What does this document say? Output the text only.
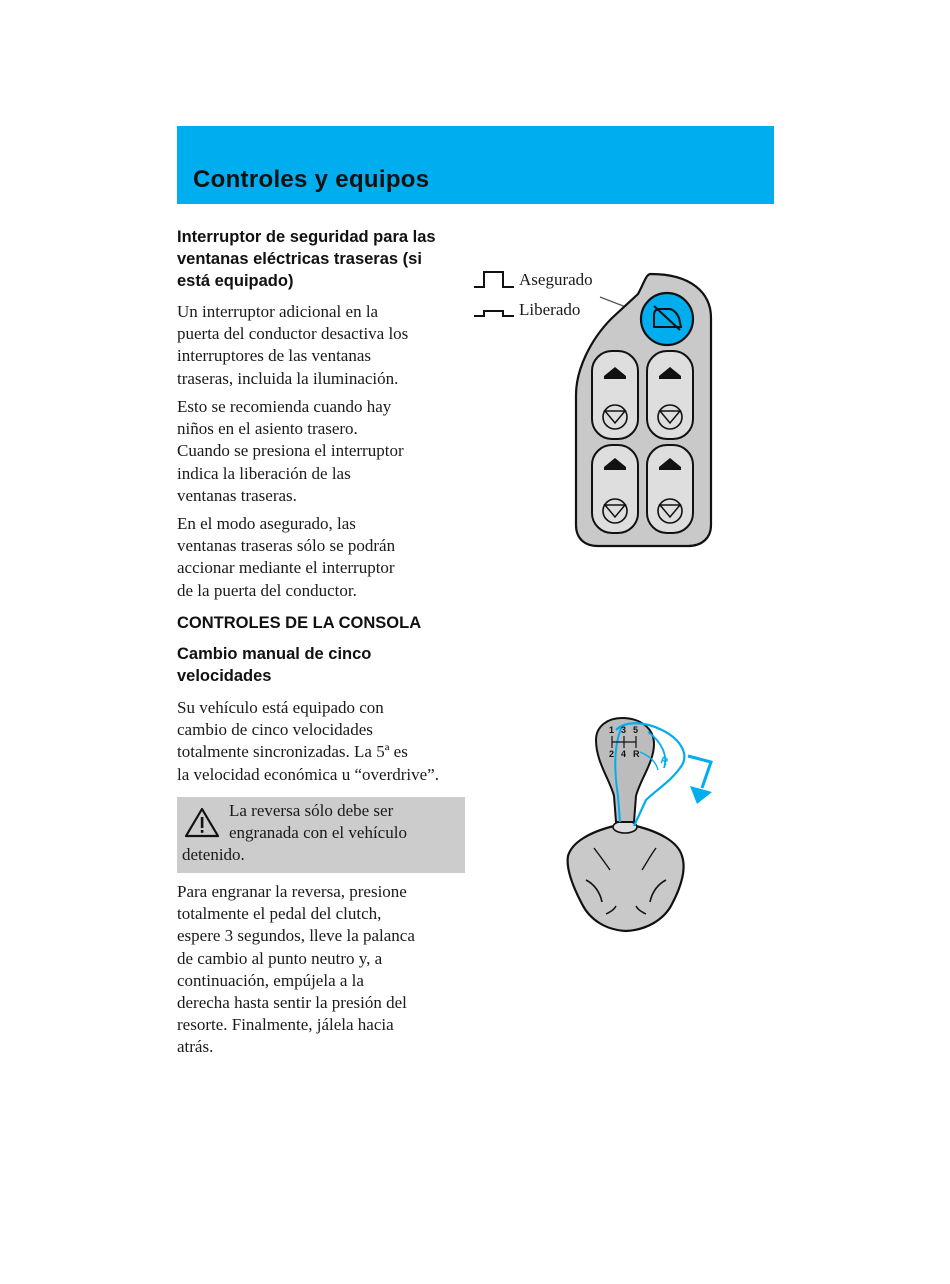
Controles y equipos

Interruptor de seguridad para las

ventanas eléctricas traseras (si

está equipado)

Un interruptor adicional en la

puerta del conductor desactiva los

interruptores de las ventanas

traseras, incluida la iluminación.

Esto se recomienda cuando hay

niños en el asiento trasero.

Cuando se presiona el interruptor

indica la liberación de las

ventanas traseras.

En el modo asegurado, las

ventanas traseras sólo se podrán

accionar mediante el interruptor

de la puerta del conductor.

CONTROLES DE LA CONSOLA

Cambio manual de cinco

velocidades

Su vehículo está equipado con

cambio de cinco velocidades

totalmente sincronizadas. La 5ª es

la velocidad económica u “overdrive”.

La reversa sólo debe ser

engranada con el vehículo

detenido.

Para engranar la reversa, presione

totalmente el pedal del clutch,

espere 3 segundos, lleve la palanca

de cambio al punto neutro y, a

continuación, empújela a la

derecha hasta sentir la presión del

resorte. Finalmente, jálela hacia

atrás.

Asegurado
Liberado
1 3 5
2 4 R
R
